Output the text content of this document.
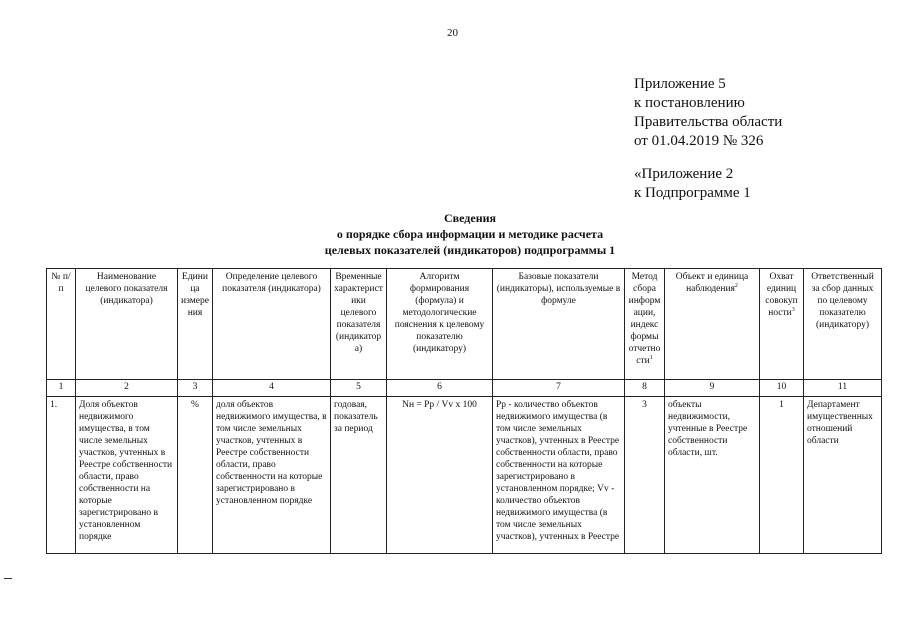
20
Приложение 5
к постановлению
Правительства области
от 01.04.2019 № 326
«Приложение 2
к Подпрограмме 1
Сведения
о порядке сбора информации и методике расчета
целевых показателей (индикаторов) подпрограммы 1
№ п/п	Наименование целевого показателя (индикатора)	Единица измерения	Определение целевого показателя (индикатора)	Временные характеристики целевого показателя (индикатора)	Алгоритм формирования (формула) и методологические пояснения к целевому показателю (индикатору)	Базовые показатели (индикаторы), используемые в формуле	Метод сбора информации, индекс формы отчетности$^1$	Объект и единица наблюдения$^2$	Охват единиц совокупности$^3$	Ответственный за сбор данных по целевому показателю (индикатору)
1	2	3	4	5	6	7	8	9	10	11
1.	Доля объектов недвижимого имущества, в том числе земельных участков, учтенных в Реестре собственности области, право собственности на которые зарегистрировано в установленном порядке	%	доля объектов недвижимого имущества, в том числе земельных участков, учтенных в Реестре собственности области, право собственности на которые зарегистрировано в установленном порядке	годовая, показатель за период	Nн = Pр / Vv x 100	Pр - количество объектов недвижимого имущества (в том числе земельных участков), учтенных в Реестре собственности области, право собственности на которые зарегистрировано в установленном порядке; Vv - количество объектов недвижимого имущества (в том числе земельных участков), учтенных в Реестре	3	объекты недвижимости, учтенные в Реестре собственности области, шт.	1	Департамент имущественных отношений области
